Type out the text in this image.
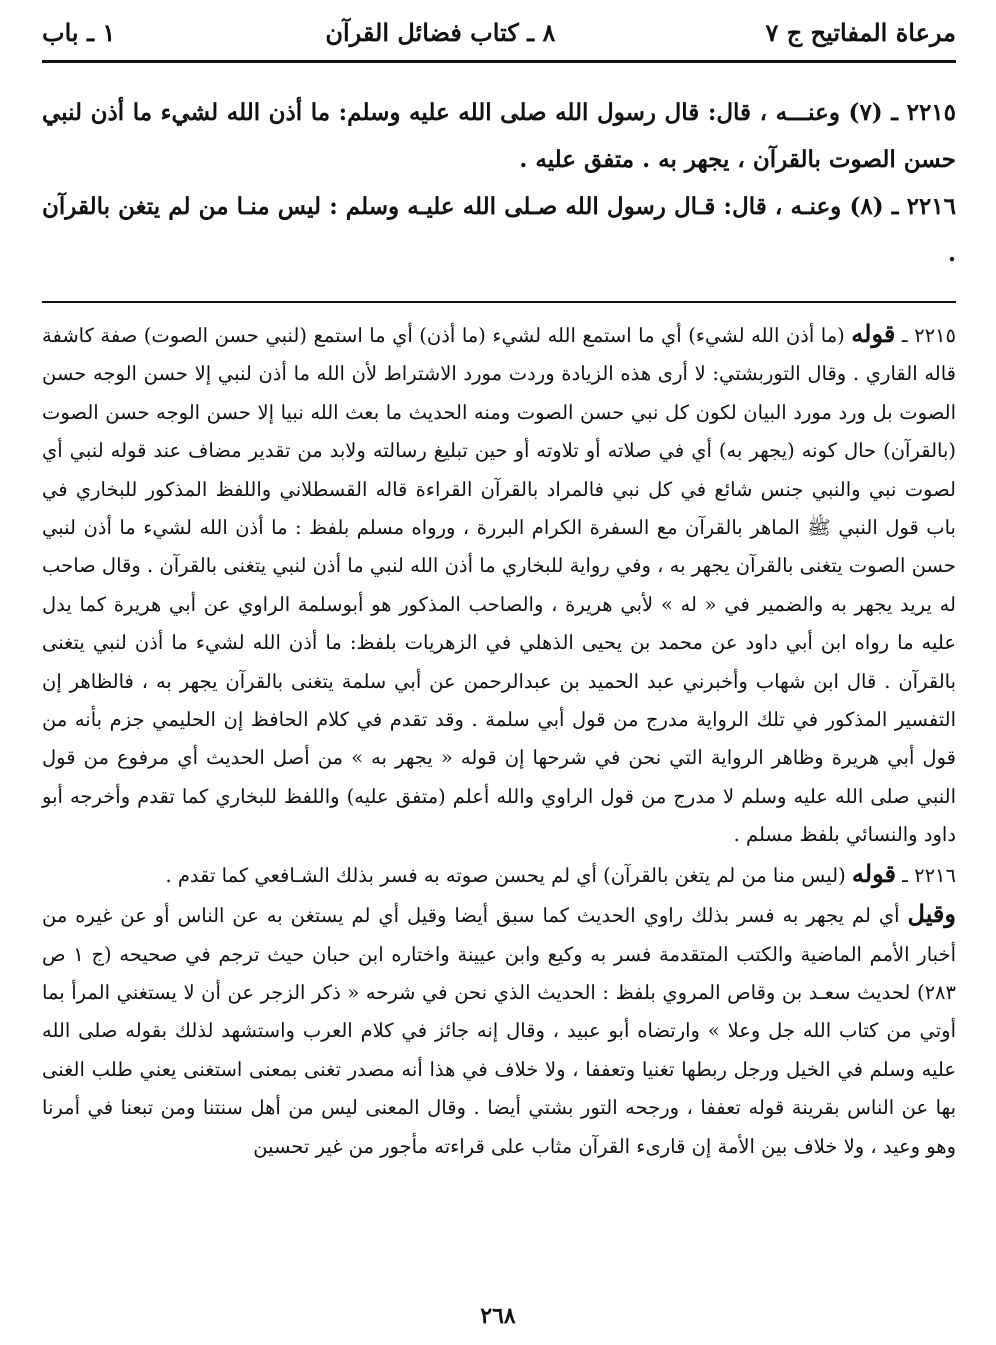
مرعاة المفاتيح ج ٧
٨ ـ كتاب فضائل القرآن
١ ـ باب

٢٢١٥ ـ (٧) وعنـــه ، قال: قال رسول الله صلى الله عليه وسلم: ما أذن الله لشيء ما أذن لنبي حسن الصوت بالقرآن ، يجهر به . متفق عليه .

٢٢١٦ ـ (٨) وعنـه ، قال: قـال رسول الله صـلى الله عليـه وسلم : ليس منـا من لم يتغن بالقرآن .

٢٢١٥ ـ قوله (ما أذن الله لشيء) أي ما استمع الله لشيء (ما أذن) أي ما استمع (لنبي حسن الصوت) صفة كاشفة قاله القاري . وقال التوربشتي: لا أرى هذه الزيادة وردت مورد الاشتراط لأن الله ما أذن لنبي إلا حسن الوجه حسن الصوت بل ورد مورد البيان لكون كل نبي حسن الصوت ومنه الحديث ما بعث الله نبيا إلا حسن الوجه حسن الصوت (بالقرآن) حال كونه (يجهر به) أي في صلاته أو تلاوته أو حين تبليغ رسالته ولابد من تقدير مضاف عند قوله لنبي أي لصوت نبي والنبي جنس شائع في كل نبي فالمراد بالقرآن القراءة قاله القسطلاني واللفظ المذكور للبخاري في باب قول النبي ﷺ الماهر بالقرآن مع السفرة الكرام البررة ، ورواه مسلم بلفظ : ما أذن الله لشيء ما أذن لنبي حسن الصوت يتغنى بالقرآن يجهر به ، وفي رواية للبخاري ما أذن الله لنبي ما أذن لنبي يتغنى بالقرآن . وقال صاحب له يريد يجهر به والضمير في « له » لأبي هريرة ، والصاحب المذكور هو أبوسلمة الراوي عن أبي هريرة كما يدل عليه ما رواه ابن أبي داود عن محمد بن يحيى الذهلي في الزهريات بلفظ: ما أذن الله لشيء ما أذن لنبي يتغنى بالقرآن . قال ابن شهاب وأخبرني عبد الحميد بن عبدالرحمن عن أبي سلمة يتغنى بالقرآن يجهر به ، فالظاهر إن التفسير المذكور في تلك الرواية مدرج من قول أبي سلمة . وقد تقدم في كلام الحافظ إن الحليمي جزم بأنه من قول أبي هريرة وظاهر الرواية التي نحن في شرحها إن قوله « يجهر به » من أصل الحديث أي مرفوع من قول النبي صلى الله عليه وسلم لا مدرج من قول الراوي والله أعلم (متفق عليه) واللفظ للبخاري كما تقدم وأخرجه أبو داود والنسائي بلفظ مسلم .

٢٢١٦ ـ قوله (ليس منا من لم يتغن بالقرآن) أي لم يحسن صوته به فسر بذلك الشـافعي كما تقدم .

وقيل أي لم يجهر به فسر بذلك راوي الحديث كما سبق أيضا وقيل أي لم يستغن به عن الناس أو عن غيره من أخبار الأمم الماضية والكتب المتقدمة فسر به وكيع وابن عيينة واختاره ابن حبان حيث ترجم في صحيحه (ج ١ ص ٢٨٣) لحديث سعـد بن وقاص المروي بلفظ : الحديث الذي نحن في شرحه « ذكر الزجر عن أن لا يستغني المرأ بما أوتي من كتاب الله جل وعلا » وارتضاه أبو عبيد ، وقال إنه جائز في كلام العرب واستشهد لذلك بقوله صلى الله عليه وسلم في الخيل ورجل ربطها تغنيا وتعففا ، ولا خلاف في هذا أنه مصدر تغنى بمعنى استغنى يعني طلب الغنى بها عن الناس بقرينة قوله تعففا ، ورجحه التور بشتي أيضا . وقال المعنى ليس من أهل سنتنا ومن تبعنا في أمرنا وهو وعيد ، ولا خلاف بين الأمة إن قارىء القرآن مثاب على قراءته مأجور من غير تحسين

٢٦٨
